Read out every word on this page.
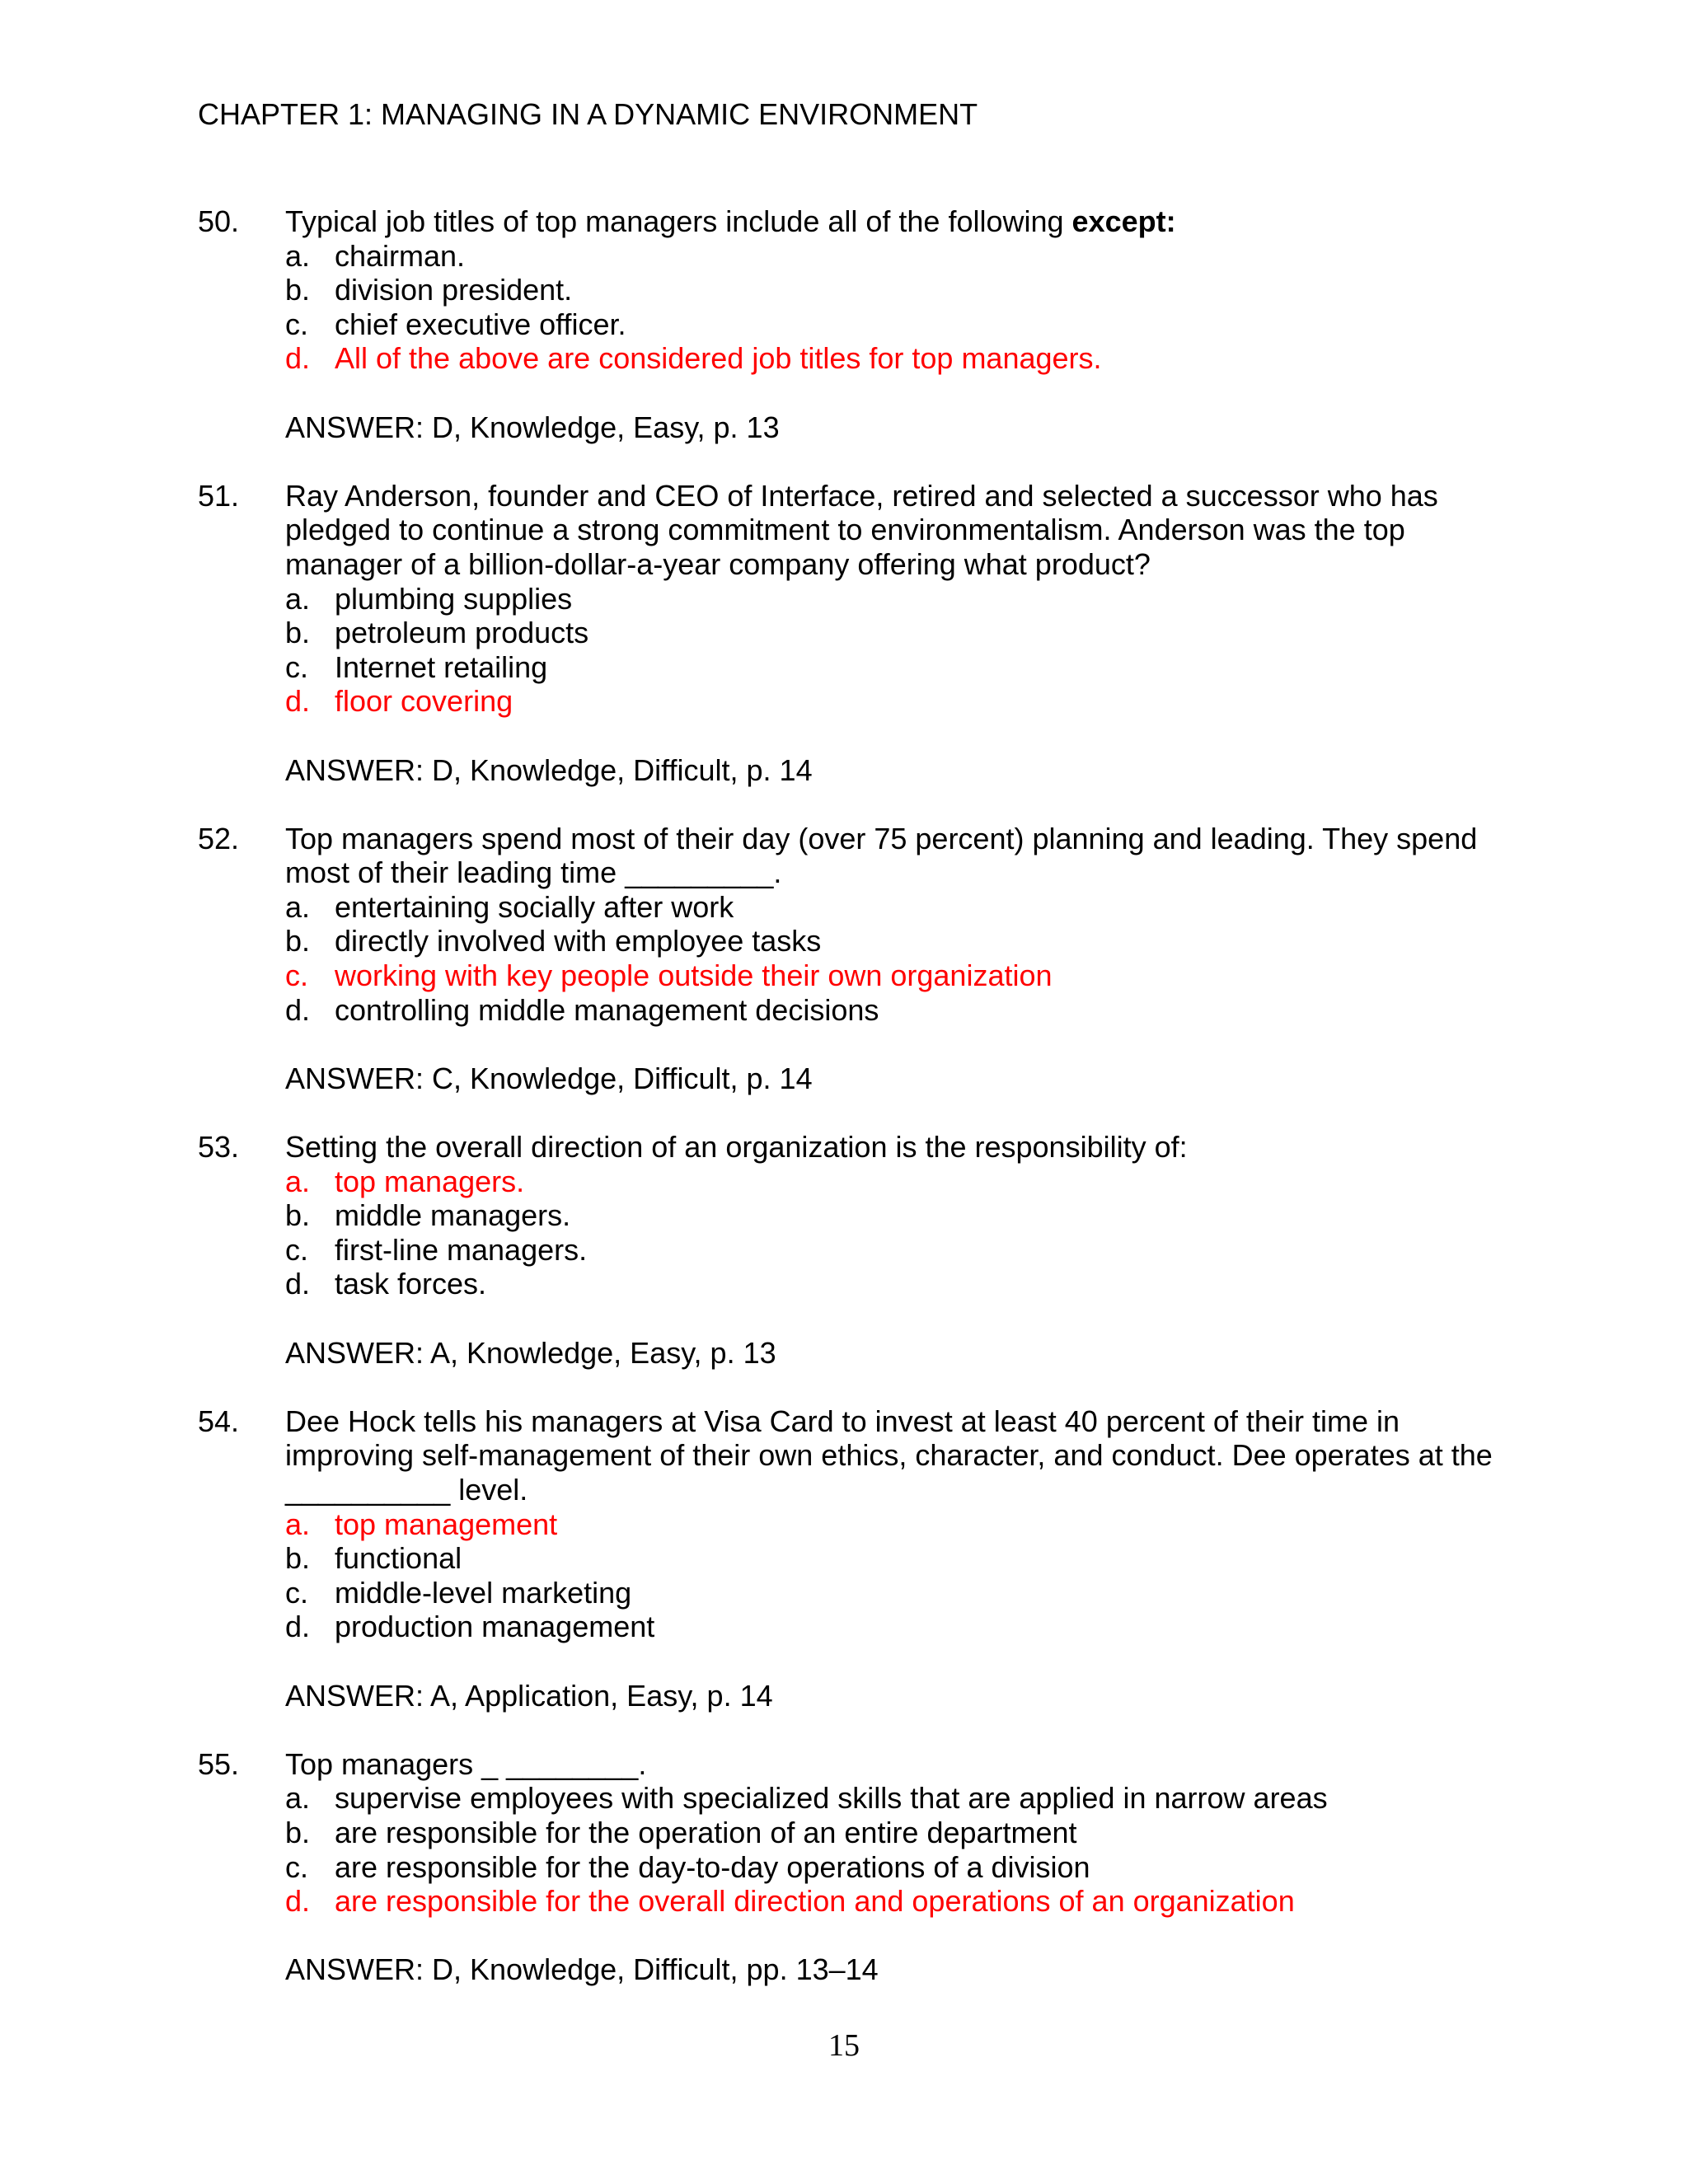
CHAPTER 1: MANAGING IN A DYNAMIC ENVIRONMENT
50. Typical job titles of top managers include all of the following except:
a. chairman.
b. division president.
c. chief executive officer.
d. All of the above are considered job titles for top managers.
ANSWER: D, Knowledge, Easy, p. 13
51. Ray Anderson, founder and CEO of Interface, retired and selected a successor who has pledged to continue a strong commitment to environmentalism. Anderson was the top manager of a billion-dollar-a-year company offering what product?
a. plumbing supplies
b. petroleum products
c. Internet retailing
d. floor covering
ANSWER: D, Knowledge, Difficult, p. 14
52. Top managers spend most of their day (over 75 percent) planning and leading. They spend most of their leading time _________.
a. entertaining socially after work
b. directly involved with employee tasks
c. working with key people outside their own organization
d. controlling middle management decisions
ANSWER: C, Knowledge, Difficult, p. 14
53. Setting the overall direction of an organization is the responsibility of:
a. top managers.
b. middle managers.
c. first-line managers.
d. task forces.
ANSWER: A, Knowledge, Easy, p. 13
54. Dee Hock tells his managers at Visa Card to invest at least 40 percent of their time in improving self-management of their own ethics, character, and conduct. Dee operates at the __________ level.
a. top management
b. functional
c. middle-level marketing
d. production management
ANSWER: A, Application, Easy, p. 14
55. Top managers _ ________.
a. supervise employees with specialized skills that are applied in narrow areas
b. are responsible for the operation of an entire department
c. are responsible for the day-to-day operations of a division
d. are responsible for the overall direction and operations of an organization
ANSWER: D, Knowledge, Difficult, pp. 13–14
15
